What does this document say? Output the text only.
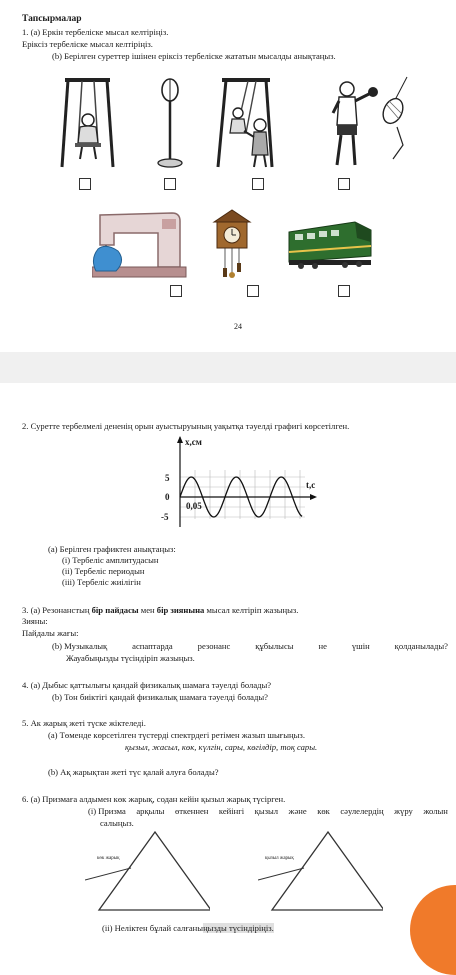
Тапсырмалар
1. (а) Еркін тербеліске мысал келтіріңіз.
Еріксіз тербеліске мысал келтіріңіз.
(b) Берілген суреттер ішінен еріксіз тербеліске жататын мысалды анықтаңыз.
24
2. Суретте тербелмелі дененің орын ауыстыруының уақытқа тәуелді графигі көрсетілген.
x,см
t,c
5
0
-5
0,05
(a) Берілген графиктен анықтаңыз:
(i) Тербеліс амплитудасын
(ii) Тербеліс периодын
(iii) Тербеліс жиілігін
3. (a) Резонанстың бір пайдасы мен бір зиянына мысал келтіріп жазыңыз.
Зияны:
Пайдалы жағы:
(b) Музыкалық	аспаптарда	резонанс	құбылысы	не	үшін	қолданылады?
Жауабыңызды түсіндіріп жазыңыз.
4. (a) Дыбыс қаттылығы қандай физикалық шамаға тәуелді болады?
(b) Тон биіктігі қандай физикалық шамаға тәуелді болады?
5. Ак жарық жеті түске жіктеледі.
(a) Төменде көрсетілген түстерді спектрдегі ретімен жазып шығыңыз.
қызыл, жасыл, көк, күлгін, сары, көгілдір, тоқ сары.
(b) Ақ жарықтан жеті түс қалай алуға болады?
6. (a) Призмаға алдымен көк жарық, содан кейін қызыл жарық түсірген.
(i) Призма арқылы өткеннен кейінгі қызыл және көк сәулелердің жүру жолын
салыңыз.
көк жарық	қызыл жарық
(ii) Неліктен бұлай салғаныңызды түсіндіріңіз.
